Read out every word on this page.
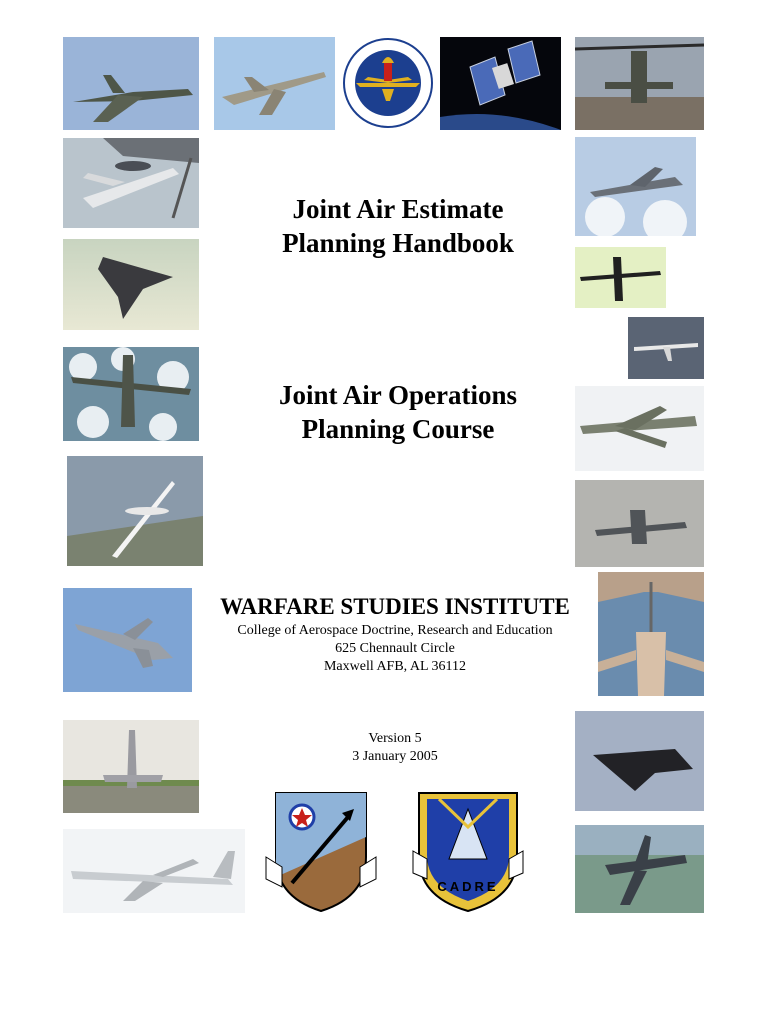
Joint Air Estimate
Planning Handbook
Joint Air Operations
Planning Course
WARFARE STUDIES INSTITUTE
College of Aerospace Doctrine, Research and Education
625 Chennault Circle
Maxwell AFB, AL 36112
Version 5
3 January 2005
CADRE
